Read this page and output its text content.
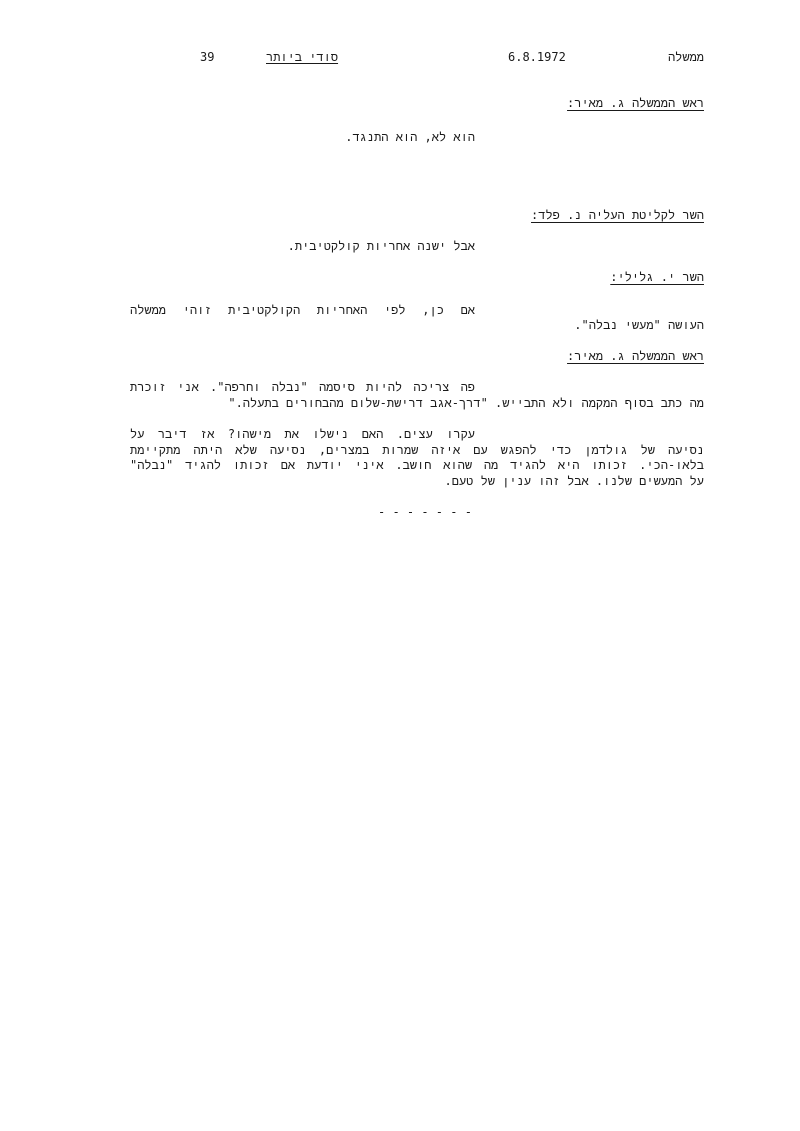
39	סודי ביותר	6.8.1972	ממשלה
ראש הממשלה ג. מאיר:
הוא לא, הוא התנגד.
השר לקליטת העליה נ. פלד:
אבל ישנה אחריות קולקטיבית.
השר י. גלילי:
אם כן, לפי האחריות הקולקטיבית זוהי ממשלה
העושה "מעשי נבלה".
ראש הממשלה ג. מאיר:
פה צריכה להיות סיסמה "נבלה וחרפה". אני זוכרת
מה כתב בסוף המקמה ולא התבייש. "דרך-אגב דרישת-שלום מהבחורים בתעלה."
עקרו עצים. האם נישלו את מישהו? אז דיבר על
נסיעה של גולדמן כדי להפגש עם איזה שמרות במצרים, נסיעה שלא היתה מתקיימת
בלאו-הכי. זכותו היא להגיד מה שהוא חושב. איני יודעת אם זכותו להגיד "נבלה"
על המעשים שלנו. אבל זהו ענין של טעם.
- - - - - - -
